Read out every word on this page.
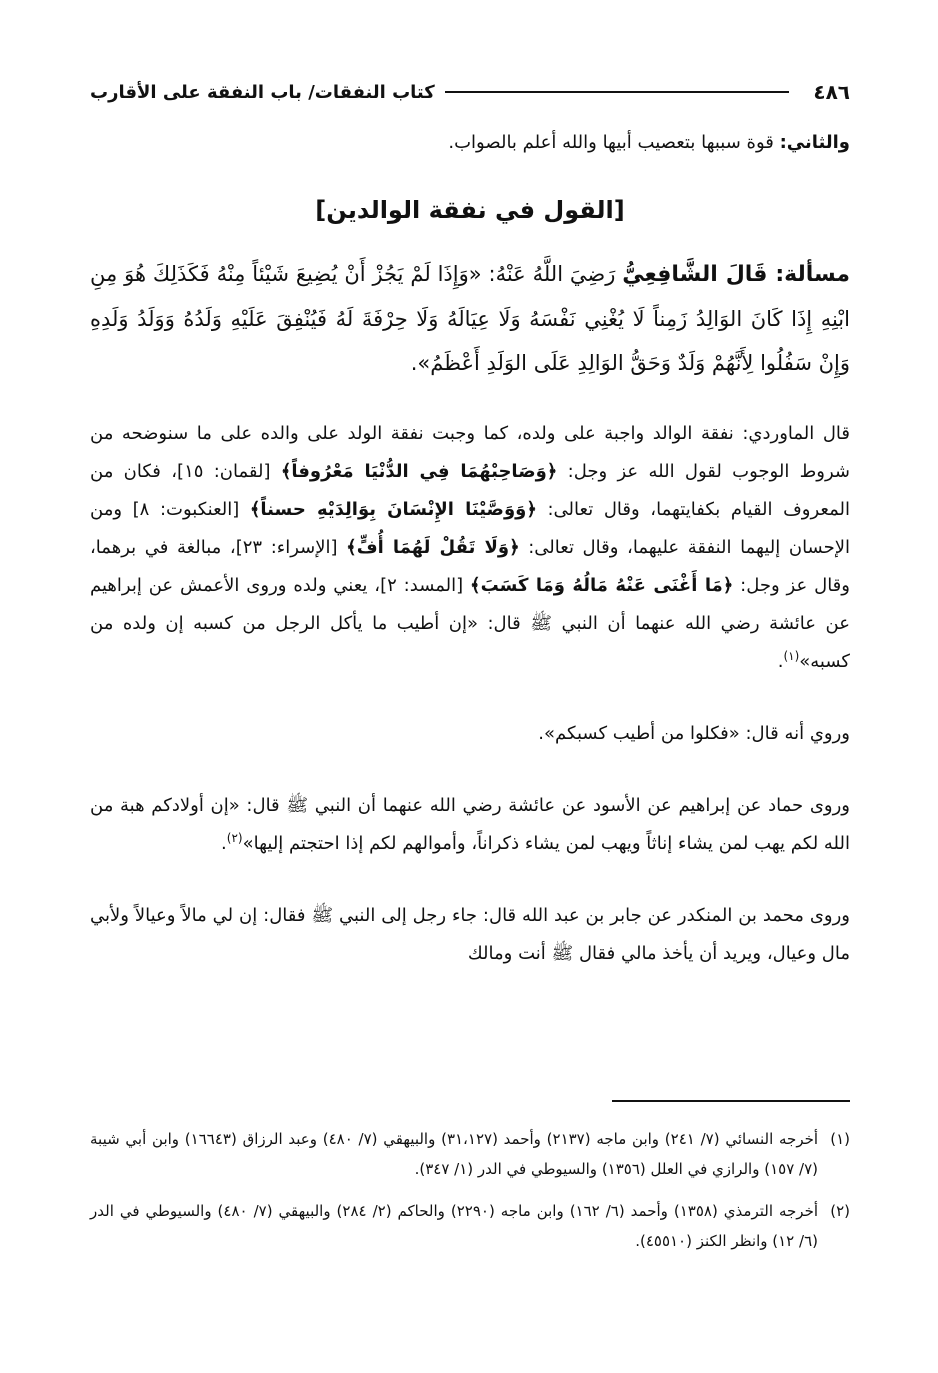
٤٨٦
كتاب النفقات/ باب النفقة على الأقارب

والثاني: قوة سببها بتعصيب أبيها والله أعلم بالصواب.

[القول في نفقة الوالدين]

مسألة: قَالَ الشَّافِعِيُّ رَضِيَ اللَّهُ عَنْهُ: «وَإِذَا لَمْ يَجُزْ أَنْ يُضِيعَ شَيْئاً مِنْهُ فَكَذَلِكَ هُوَ مِنِ ابْنِهِ إِذَا كَانَ الوَالِدُ زَمِناً لَا يُغْنِي نَفْسَهُ وَلَا عِيَالَهُ وَلَا حِرْفَةَ لَهُ فَيُنْفِقَ عَلَيْهِ وَلَدُهُ وَوَلَدُ وَلَدِهِ وَإِنْ سَفُلُوا لِأَنَّهُمْ وَلَدٌ وَحَقُّ الوَالِدِ عَلَى الوَلَدِ أَعْظَمُ».

قال الماوردي: نفقة الوالد واجبة على ولده، كما وجبت نفقة الولد على والده على ما سنوضحه من شروط الوجوب لقول الله عز وجل: ﴿وَصَاحِبْهُمَا فِي الدُّنْيَا مَعْرُوفاً﴾ [لقمان: ١٥]، فكان من المعروف القيام بكفايتهما، وقال تعالى: ﴿وَوَصَّيْنَا الإِنْسَانَ بِوَالِدَيْهِ حسناً﴾ [العنكبوت: ٨] ومن الإحسان إليهما النفقة عليهما، وقال تعالى: ﴿وَلَا تَقُلْ لَهُمَا أُفٍّ﴾ [الإسراء: ٢٣]، مبالغة في برهما، وقال عز وجل: ﴿مَا أَغْنَى عَنْهُ مَالُهُ وَمَا كَسَبَ﴾ [المسد: ٢]، يعني ولده وروى الأعمش عن إبراهيم عن عائشة رضي الله عنهما أن النبي ﷺ قال: «إن أطيب ما يأكل الرجل من كسبه إن ولده من كسبه»$^{(١)}$.

وروي أنه قال: «فكلوا من أطيب كسبكم».

وروى حماد عن إبراهيم عن الأسود عن عائشة رضي الله عنهما أن النبي ﷺ قال: «إن أولادكم هبة من الله لكم يهب لمن يشاء إناثاً ويهب لمن يشاء ذكراناً، وأموالهم لكم إذا احتجتم إليها»$^{(٢)}$.

وروى محمد بن المنكدر عن جابر بن عبد الله قال: جاء رجل إلى النبي ﷺ فقال: إن لي مالاً وعيالاً ولأبي مال وعيال، ويريد أن يأخذ مالي فقال ﷺ أنت ومالك

(١)
أخرجه النسائي (٧/ ٢٤١) وابن ماجه (٢١٣٧) وأحمد (٣١،١٢٧) والبيهقي (٧/ ٤٨٠) وعبد الرزاق (١٦٦٤٣) وابن أبي شيبة (٧/ ١٥٧) والرازي في العلل (١٣٥٦) والسيوطي في الدر (١/ ٣٤٧).
(٢)
أخرجه الترمذي (١٣٥٨) وأحمد (٦/ ١٦٢) وابن ماجه (٢٢٩٠) والحاكم (٢/ ٢٨٤) والبيهقي (٧/ ٤٨٠) والسيوطي في الدر (٦/ ١٢) وانظر الكنز (٤٥٥١٠).
